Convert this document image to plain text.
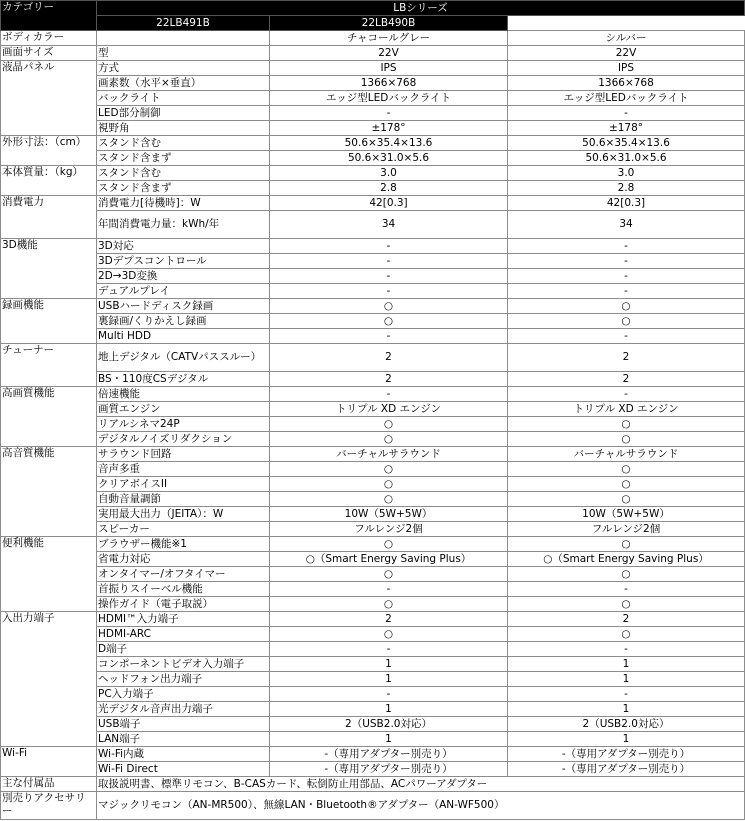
カテゴリー	LBシリーズ		
	22LB491B	22LB490B	
ボディカラー		チャコールグレー	シルバー
画面サイズ	型	22V	22V
液晶パネル	方式	IPS	IPS
	画素数（水平×垂直）	1366×768	1366×768
	バックライト	エッジ型LEDバックライト	エッジ型LEDバックライト
	LED部分制御	-	-
	視野角	±178°	±178°
外形寸法：（cm）	スタンド含む	50.6×35.4×13.6	50.6×35.4×13.6
	スタンド含まず	50.6×31.0×5.6	50.6×31.0×5.6
本体質量：（kg）	スタンド含む	3.0	3.0
	スタンド含まず	2.8	2.8
消費電力	消費電力[待機時]：W	42[0.3]	42[0.3]
	年間消費電力量：kWh/年	34	34
3D機能	3D対応	-	-
	3Dデプスコントロール	-	-
	2D→3D変換	-	-
	デュアルプレイ	-	-
録画機能	USBハードディスク録画	○	○
	裏録画/くりかえし録画	○	○
	Multi HDD	-	-
チューナー	地上デジタル（CATVパススルー）	2	2
	BS・110度CSデジタル	2	2
高画質機能	倍速機能	-	-
	画質エンジン	トリプル XD エンジン	トリプル XD エンジン
	リアルシネマ24P	○	○
	デジタルノイズリダクション	○	○
高音質機能	サラウンド回路	バーチャルサラウンド	バーチャルサラウンド
	音声多重	○	○
	クリアボイスII	○	○
	自動音量調節	○	○
	実用最大出力（JEITA）：W	10W（5W+5W）	10W（5W+5W）
	スピーカー	フルレンジ2個	フルレンジ2個
便利機能	ブラウザー機能※1	○	○
	省電力対応	○（Smart Energy Saving Plus）	○（Smart Energy Saving Plus）
	オンタイマー/オフタイマー	○	○
	首振りスイーベル機能	-	-
	操作ガイド（電子取説）	○	○
入出力端子	HDMI™入力端子	2	2
	HDMI-ARC	○	○
	D端子	-	-
	コンポーネントビデオ入力端子	1	1
	ヘッドフォン出力端子	1	1
	PC入力端子	-	-
	光デジタル音声出力端子	1	1
	USB端子	2（USB2.0対応）	2（USB2.0対応）
	LAN端子	1	1
Wi-Fi	Wi-Fi内蔵	-（専用アダプター別売り）	-（専用アダプター別売り）
	Wi-Fi Direct	-（専用アダプター別売り）	-（専用アダプター別売り）
主な付属品	取扱説明書、標準リモコン、B-CASカード、転倒防止用部品、ACパワーアダプター		
別売りアクセサリー	マジックリモコン（AN-MR500）、無線LAN・Bluetooth®アダプター（AN-WF500）		
